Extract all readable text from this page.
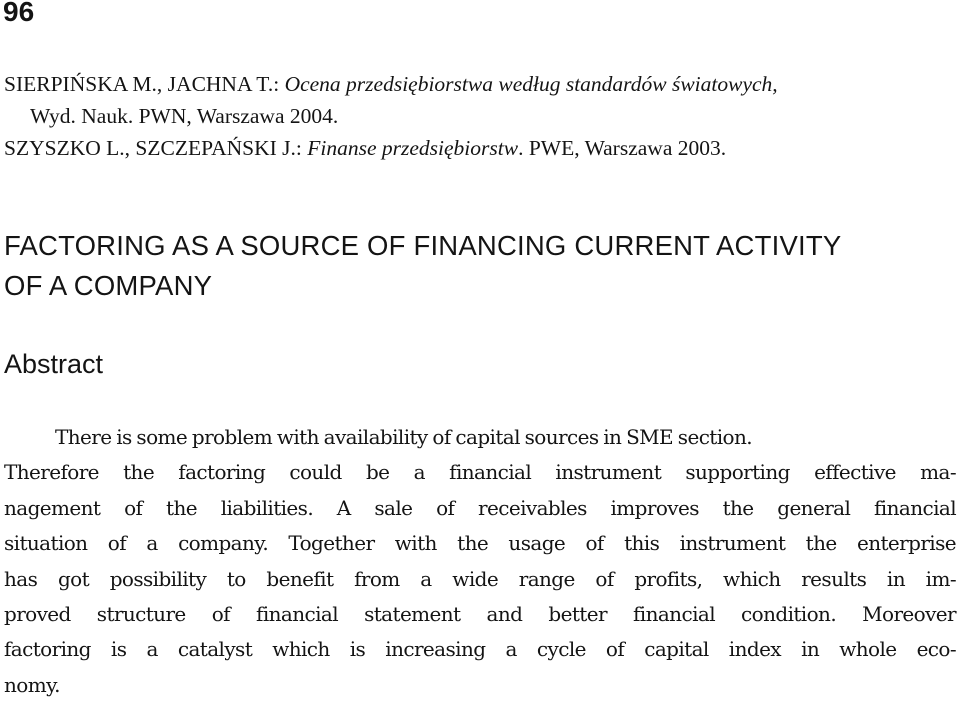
96
SIERPIŃSKA M., JACHNA T.: Ocena przedsiębiorstwa według standardów światowych,
Wyd. Nauk. PWN, Warszawa 2004.
SZYSZKO L., SZCZEPAŃSKI J.: Finanse przedsiębiorstw. PWE, Warszawa 2003.
FACTORING AS A SOURCE OF FINANCING CURRENT ACTIVITY
OF A COMPANY
Abstract
There is some problem with availability of capital sources in SME section.
Therefore the factoring could be a financial instrument supporting effective ma-
nagement of the liabilities. A sale of receivables improves the general financial
situation of a company. Together with the usage of this instrument the enterprise
has got possibility to benefit from a wide range of profits, which results in im-
proved structure of financial statement and better financial condition. Moreover
factoring is a catalyst which is increasing a cycle of capital index in whole eco-
nomy.
